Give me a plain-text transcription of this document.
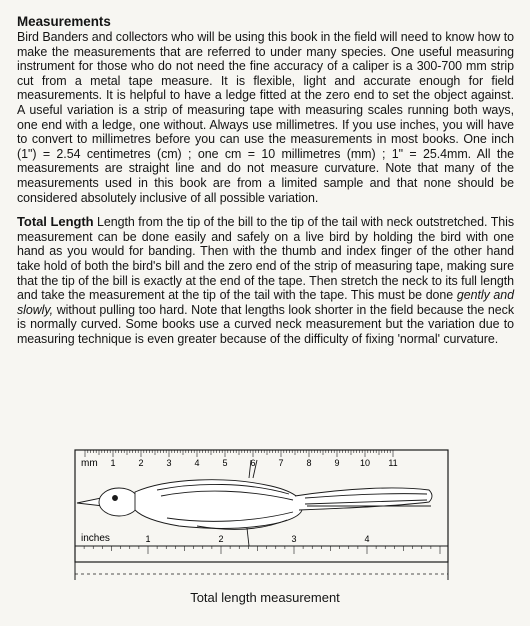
Measurements

Bird Banders and collectors who will be using this book in the field will need to know how to make the measurements that are referred to under many species. One useful measuring instrument for those who do not need the fine accuracy of a caliper is a 300-700 mm strip cut from a metal tape measure. It is flexible, light and accurate enough for field measurements. It is helpful to have a ledge fitted at the zero end to set the object against. A useful variation is a strip of measuring tape with measuring scales running both ways, one end with a ledge, one without. Always use millimetres. If you use inches, you will have to convert to millimetres before you can use the measurements in most books. One inch (1") = 2.54 centimetres (cm) ; one cm = 10 millimetres (mm) ; 1" = 25.4mm. All the measurements are straight line and do not measure curvature. Note that many of the measurements used in this book are from a limited sample and that none should be considered absolutely inclusive of all possible variation.

Total Length Length from the tip of the bill to the tip of the tail with neck outstretched. This measurement can be done easily and safely on a live bird by holding the bird with one hand as you would for banding. Then with the thumb and index finger of the other hand take hold of both the bird's bill and the zero end of the strip of measuring tape, making sure that the tip of the bill is exactly at the end of the tape. Then stretch the neck to its full length and take the measurement at the tip of the tail with the tape. This must be done gently and slowly, without pulling too hard. Note that lengths look shorter in the field because the neck is normally curved. Some books use a curved neck measurement but the variation due to measuring technique is even greater because of the difficulty of fixing 'normal' curvature.

1	2	3	4	5	6	7	8	9 10 11
1	2	3	4
mm
inches
Total length measurement
